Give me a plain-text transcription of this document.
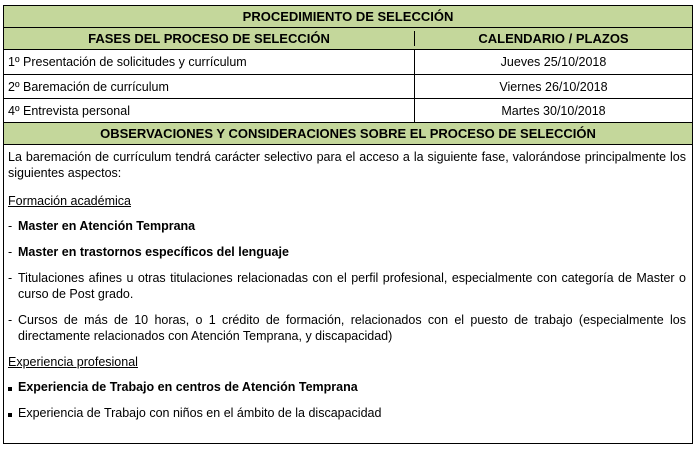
PROCEDIMIENTO DE SELECCIÓN
FASES DEL PROCESO DE SELECCIÓN	CALENDARIO / PLAZOS
1º Presentación de solicitudes y currículum	Jueves 25/10/2018
2º Baremación de currículum	Viernes 26/10/2018
4º Entrevista personal	Martes 30/10/2018
OBSERVACIONES Y CONSIDERACIONES SOBRE EL PROCESO DE SELECCIÓN
La baremación de currículum tendrá carácter selectivo para el acceso a la siguiente fase, valorándose principalmente los siguientes aspectos:
Formación académica
- Master en Atención Temprana
- Master en trastornos específicos del lenguaje
- Titulaciones afines u otras titulaciones relacionadas con el perfil profesional, especialmente con categoría de Master o curso de Post grado.
- Cursos de más de 10 horas, o 1 crédito de formación, relacionados con el puesto de trabajo (especialmente los directamente relacionados con Atención Temprana, y discapacidad)
Experiencia profesional
Experiencia de Trabajo en centros de Atención Temprana
Experiencia de Trabajo con niños en el ámbito de la discapacidad
